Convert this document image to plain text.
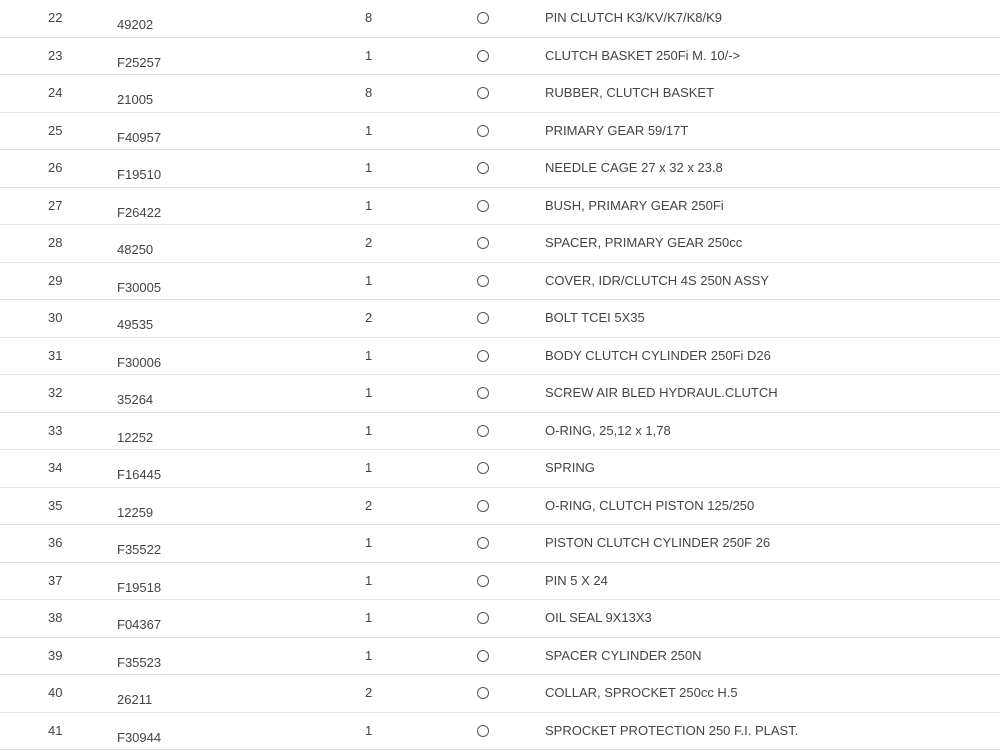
22	49202	8	PIN CLUTCH K3/KV/K7/K8/K9
23	F25257	1	CLUTCH BASKET 250Fi M. 10/->
24	21005	8	RUBBER, CLUTCH BASKET
25	F40957	1	PRIMARY GEAR 59/17T
26	F19510	1	NEEDLE CAGE 27 x 32 x 23.8
27	F26422	1	BUSH, PRIMARY GEAR 250Fi
28	48250	2	SPACER, PRIMARY GEAR 250cc
29	F30005	1	COVER, IDR/CLUTCH 4S 250N ASSY
30	49535	2	BOLT TCEI 5X35
31	F30006	1	BODY CLUTCH CYLINDER 250Fi D26
32	35264	1	SCREW AIR BLED HYDRAUL.CLUTCH
33	12252	1	O-RING, 25,12 x 1,78
34	F16445	1	SPRING
35	12259	2	O-RING, CLUTCH PISTON 125/250
36	F35522	1	PISTON CLUTCH CYLINDER 250F 26
37	F19518	1	PIN 5 X 24
38	F04367	1	OIL SEAL 9X13X3
39	F35523	1	SPACER CYLINDER 250N
40	26211	2	COLLAR, SPROCKET 250cc H.5
41	F30944	1	SPROCKET PROTECTION 250 F.I. PLAST.
